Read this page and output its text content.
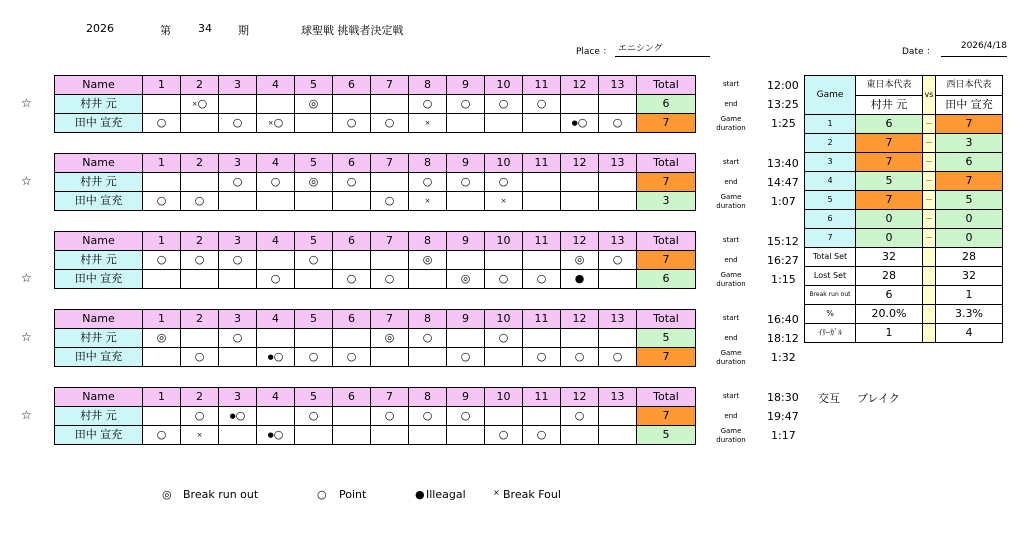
2026	第 34 期	球聖戦 挑戦者決定戦
Place ： エニシング	Date ：
2026/4/18
Name	1	2	3	4	5	6	7	8	9	10	11	12	13	Total
村井 元		×○			◎			○	○	○	○			6
田中 宣充	○		○	×○		○	○	×				●○	○	7
☆
start	12:00
end	13:25
Game
duration 1:25
Name	1	2	3	4	5	6	7	8	9	10	11	12	13	Total
村井 元			○	○	◎	○		○	○	○				7
田中 宣充	○	○					○	×		×				3
☆
start	13:40
end	14:47
Game
duration 1:07
Name	1	2	3	4	5	6	7	8	9	10	11	12	13	Total
村井 元	○	○	○		○			◎				◎	○	7
田中 宣充				○		○	○		◎	○	○	●		6
☆
start	15:12
end	16:27
Game
duration 1:15
Name	1	2	3	4	5	6	7	8	9	10	11	12	13	Total
村井 元	◎		○				◎	○		○				5
田中 宣充		○		●○	○	○			○		○	○	○	7
☆
start	16:40
end	18:12
Game
duration 1:32
Name	1	2	3	4	5	6	7	8	9	10	11	12	13	Total
村井 元		○	●○		○		○	○	○			○		7
田中 宣充	○	×		●○						○	○			5
☆
start	18:30
end	19:47
Game
duration 1:17
Game	東日本代表	vs	西日本代表
	村井 元		田中 宣充
1	6	－	7
2	7	－	3
3	7	－	6
4	5	－	7
5	7	－	5
6	0	－	0
7	0	－	0
Total Set	32		28
Lost Set	28		32
Break run out	6		1
%	20.0%		3.3%
ｲﾘｰｶﾞﾙ	1		4
交互 ブレイク
◎ Break run out	○ Point	● Illeagal	× Break Foul
